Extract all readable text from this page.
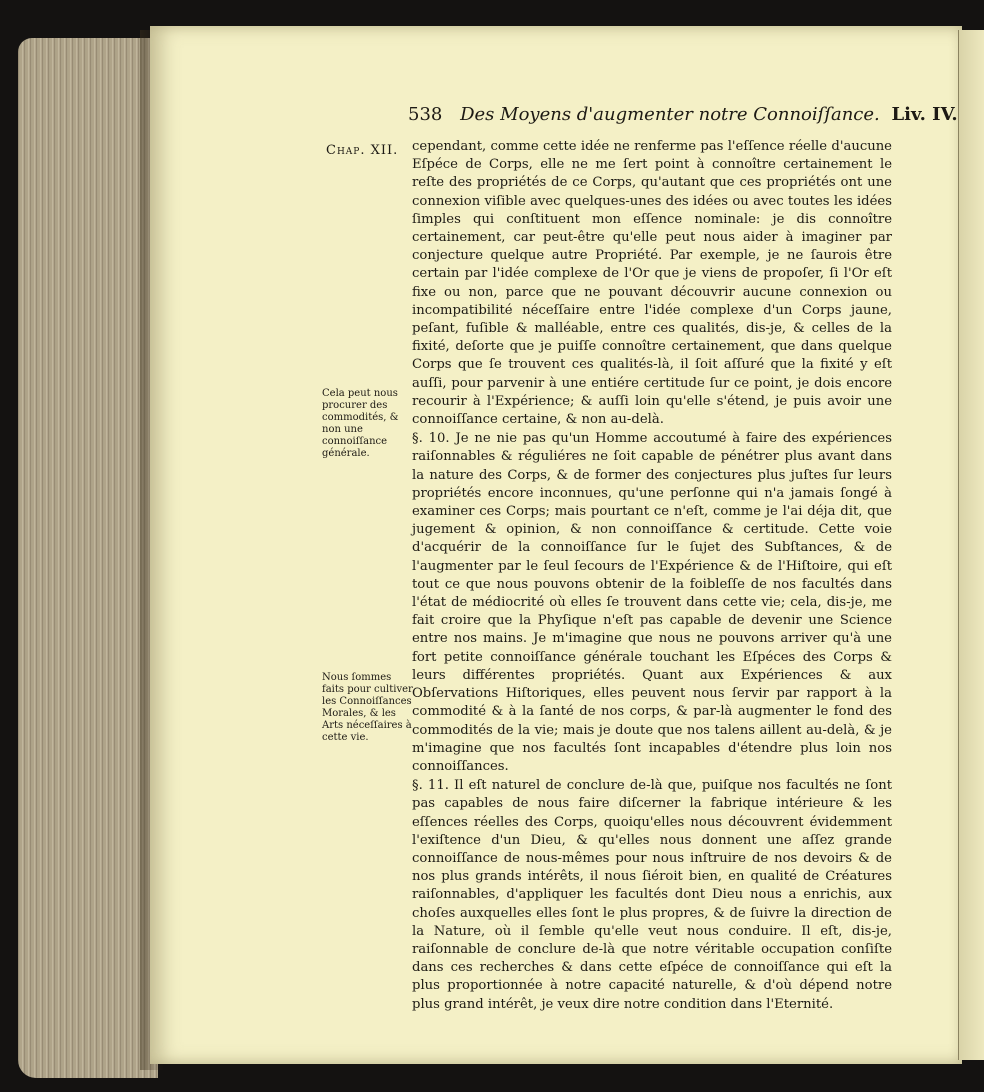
538 Des Moyens d'augmenter notre Connoiſſance. Liv. IV.
Chap. XII.
Cela peut nous procurer des commodités, & non une connoiſſance générale.
Nous ſommes faits pour cultiver les Connoiſſances Morales, & les Arts néceſſaires à cette vie.

cependant, comme cette idée ne renferme pas l'eſſence réelle d'aucune Eſpéce de Corps, elle ne me ſert point à connoître certainement le reſte des propriétés de ce Corps, qu'autant que ces propriétés ont une connexion viſible avec quelques-unes des idées ou avec toutes les idées ſimples qui conſtituent mon eſſence nominale: je dis connoître certainement, car peut-être qu'elle peut nous aider à imaginer par conjecture quelque autre Propriété. Par exemple, je ne ſaurois être certain par l'idée complexe de l'Or que je viens de propoſer, ſi l'Or eſt fixe ou non, parce que ne pouvant découvrir aucune connexion ou incompatibilité néceſſaire entre l'idée complexe d'un Corps jaune, peſant, fuſible & malléable, entre ces qualités, dis-je, & celles de la fixité, deſorte que je puiſſe connoître certainement, que dans quelque Corps que ſe trouvent ces qualités-là, il ſoit aſſuré que la fixité y eſt auſſi, pour parvenir à une entiére certitude ſur ce point, je dois encore recourir à l'Expérience; & auſſi loin qu'elle s'étend, je puis avoir une connoiſſance certaine, & non au-delà.

§. 10. Je ne nie pas qu'un Homme accoutumé à faire des expériences raiſonnables & réguliéres ne ſoit capable de pénétrer plus avant dans la nature des Corps, & de former des conjectures plus juſtes ſur leurs propriétés encore inconnues, qu'une perſonne qui n'a jamais ſongé à examiner ces Corps; mais pourtant ce n'eſt, comme je l'ai déja dit, que jugement & opinion, & non connoiſſance & certitude. Cette voie d'acquérir de la connoiſſance ſur le ſujet des Subſtances, & de l'augmenter par le ſeul ſecours de l'Expérience & de l'Hiſtoire, qui eſt tout ce que nous pouvons obtenir de la foibleſſe de nos facultés dans l'état de médiocrité où elles ſe trouvent dans cette vie; cela, dis-je, me fait croire que la Phyſique n'eſt pas capable de devenir une Science entre nos mains. Je m'imagine que nous ne pouvons arriver qu'à une fort petite connoiſſance générale touchant les Eſpéces des Corps & leurs différentes propriétés. Quant aux Expériences & aux Obſervations Hiſtoriques, elles peuvent nous ſervir par rapport à la commodité & à la ſanté de nos corps, & par-là augmenter le fond des commodités de la vie; mais je doute que nos talens aillent au-delà, & je m'imagine que nos facultés ſont incapables d'étendre plus loin nos connoiſſances.

§. 11. Il eſt naturel de conclure de-là que, puiſque nos facultés ne ſont pas capables de nous faire diſcerner la fabrique intérieure & les eſſences réelles des Corps, quoiqu'elles nous découvrent évidemment l'exiſtence d'un Dieu, & qu'elles nous donnent une aſſez grande connoiſſance de nous-mêmes pour nous inſtruire de nos devoirs & de nos plus grands intérêts, il nous ſiéroit bien, en qualité de Créatures raiſonnables, d'appliquer les facultés dont Dieu nous a enrichis, aux choſes auxquelles elles ſont le plus propres, & de ſuivre la direction de la Nature, où il ſemble qu'elle veut nous conduire. Il eſt, dis-je, raiſonnable de conclure de-là que notre véritable occupation conſiſte dans ces recherches & dans cette eſpéce de connoiſſance qui eſt la plus proportionnée à notre capacité naturelle, & d'où dépend notre plus grand intérêt, je veux dire notre condition dans l'Eternité.
